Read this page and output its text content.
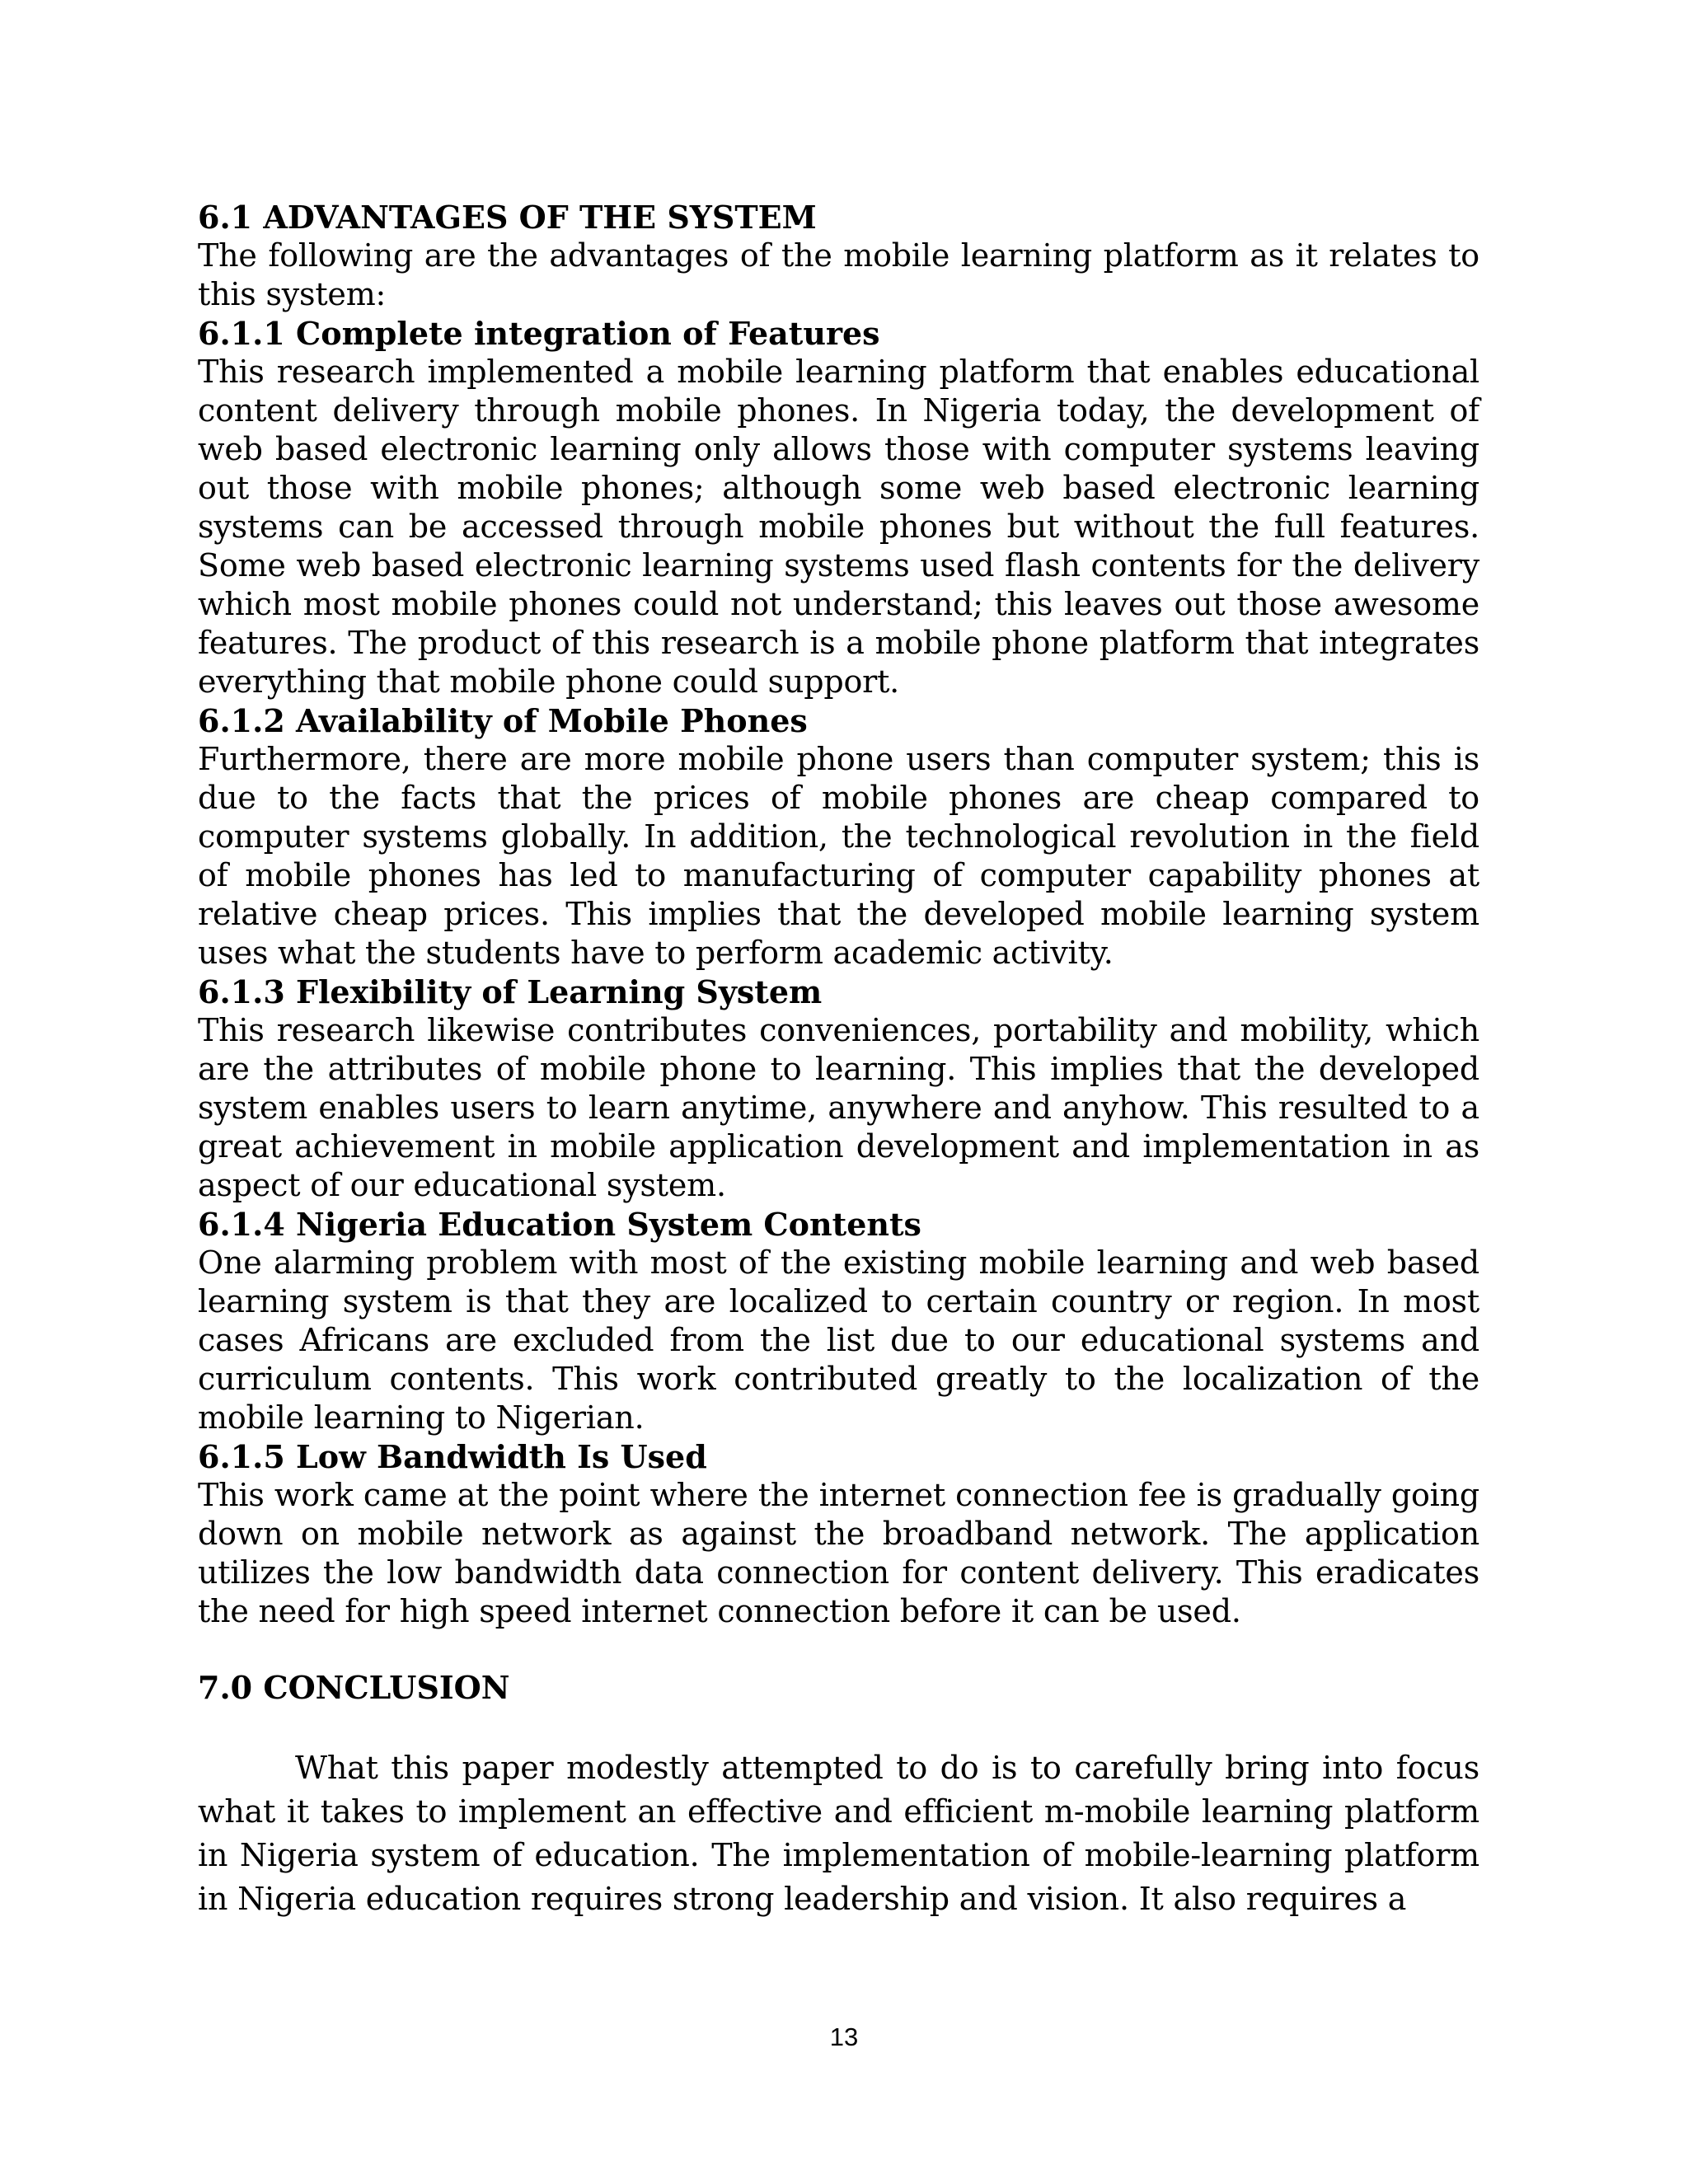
6.1 ADVANTAGES OF THE SYSTEM

The following are the advantages of the mobile learning platform as it relates to this system:

6.1.1 Complete integration of Features

This research implemented a mobile learning platform that enables educational content delivery through mobile phones. In Nigeria today, the development of web based electronic learning only allows those with computer systems leaving out those with mobile phones; although some web based electronic learning systems can be accessed through mobile phones but without the full features. Some web based electronic learning systems used flash contents for the delivery which most mobile phones could not understand; this leaves out those awesome features. The product of this research is a mobile phone platform that integrates everything that mobile phone could support.

6.1.2 Availability of Mobile Phones

Furthermore, there are more mobile phone users than computer system; this is due to the facts that the prices of mobile phones are cheap compared to computer systems globally. In addition, the technological revolution in the field of mobile phones has led to manufacturing of computer capability phones at relative cheap prices. This implies that the developed mobile learning system uses what the students have to perform academic activity.

6.1.3 Flexibility of Learning System

This research likewise contributes conveniences, portability and mobility, which are the attributes of mobile phone to learning. This implies that the developed system enables users to learn anytime, anywhere and anyhow. This resulted to a great achievement in mobile application development and implementation in as aspect of our educational system.

6.1.4 Nigeria Education System Contents

One alarming problem with most of the existing mobile learning and web based learning system is that they are localized to certain country or region. In most cases Africans are excluded from the list due to our educational systems and curriculum contents. This work contributed greatly to the localization of the mobile learning to Nigerian.

6.1.5 Low Bandwidth Is Used

This work came at the point where the internet connection fee is gradually going down on mobile network as against the broadband network. The application utilizes the low bandwidth data connection for content delivery. This eradicates the need for high speed internet connection before it can be used.

7.0 CONCLUSION

What this paper modestly attempted to do is to carefully bring into focus what it takes to implement an effective and efficient m-mobile learning platform in Nigeria system of education. The implementation of mobile-learning platform in Nigeria education requires strong leadership and vision. It also requires a

13
